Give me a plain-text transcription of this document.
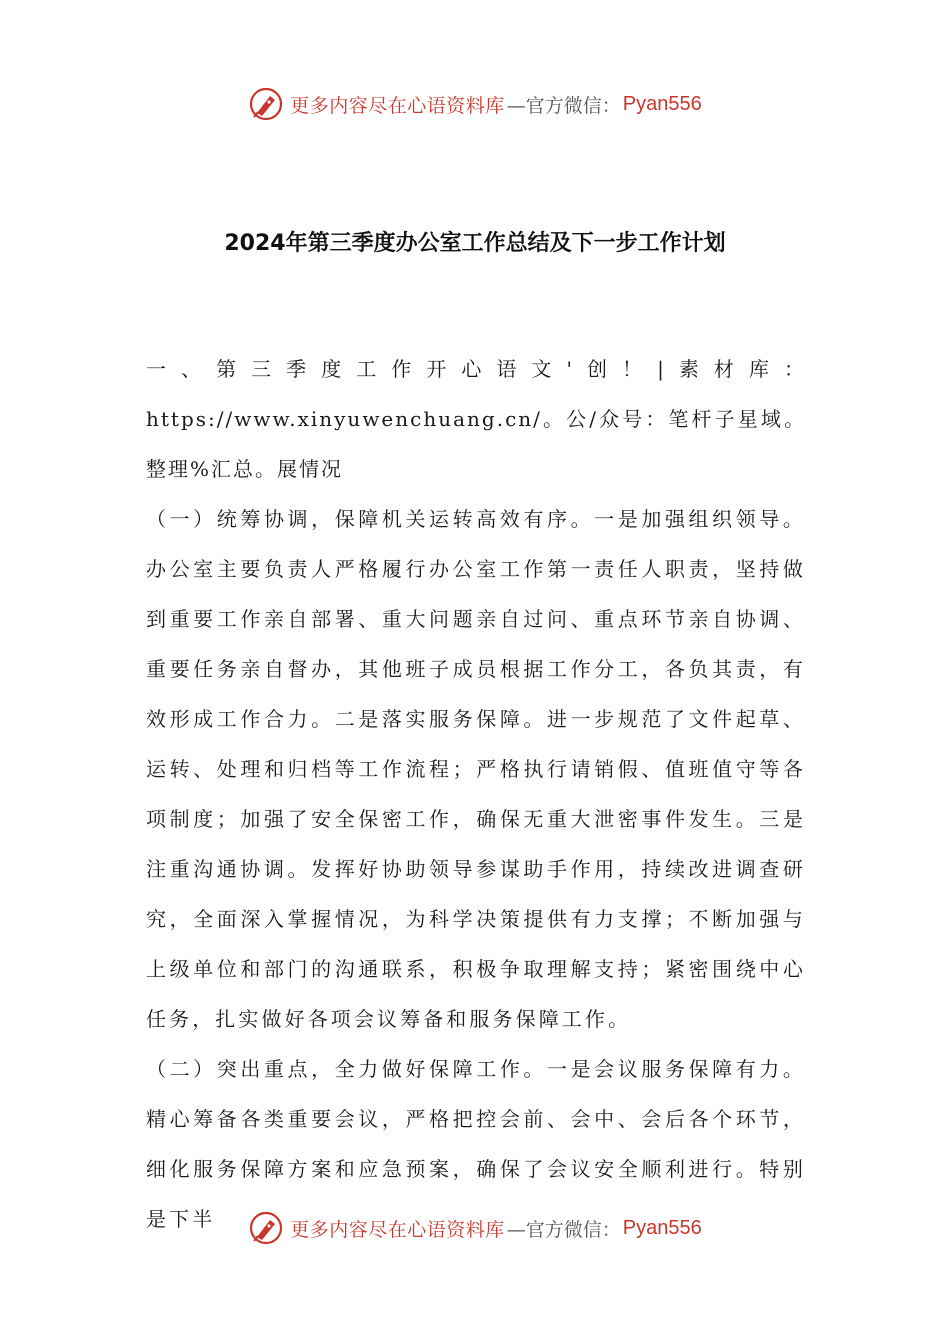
更多内容尽在心语资料库 —官方微信： Pyan556
2024年第三季度办公室工作总结及下一步工作计划

一、第三季度工作开心语文'创！|素材库：https://www.xinyuwenchuang.cn/。公/众号：笔杆子星域。整理%汇总。展情况

（一）统筹协调，保障机关运转高效有序。一是加强组织领导。办公室主要负责人严格履行办公室工作第一责任人职责，坚持做到重要工作亲自部署、重大问题亲自过问、重点环节亲自协调、重要任务亲自督办，其他班子成员根据工作分工，各负其责，有效形成工作合力。二是落实服务保障。进一步规范了文件起草、运转、处理和归档等工作流程；严格执行请销假、值班值守等各项制度；加强了安全保密工作，确保无重大泄密事件发生。三是注重沟通协调。发挥好协助领导参谋助手作用，持续改进调查研究，全面深入掌握情况，为科学决策提供有力支撑；不断加强与上级单位和部门的沟通联系，积极争取理解支持；紧密围绕中心任务，扎实做好各项会议筹备和服务保障工作。

（二）突出重点，全力做好保障工作。一是会议服务保障有力。精心筹备各类重要会议，严格把控会前、会中、会后各个环节，细化服务保障方案和应急预案，确保了会议安全顺利进行。特别是下半	更多内容尽在心语资料库 —官方微信： Pyan556
